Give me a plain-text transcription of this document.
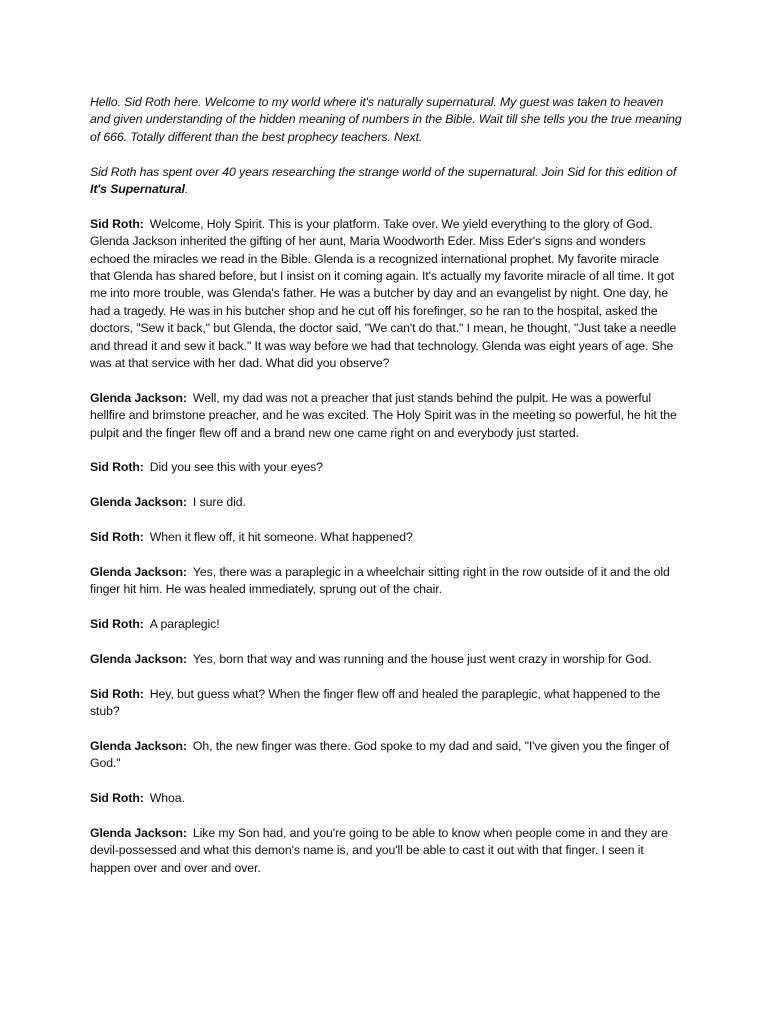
Hello. Sid Roth here. Welcome to my world where it's naturally supernatural. My guest was taken to heaven and given understanding of the hidden meaning of numbers in the Bible. Wait till she tells you the true meaning of 666. Totally different than the best prophecy teachers. Next.

Sid Roth has spent over 40 years researching the strange world of the supernatural. Join Sid for this edition of It's Supernatural.

Sid Roth: Welcome, Holy Spirit. This is your platform. Take over. We yield everything to the glory of God. Glenda Jackson inherited the gifting of her aunt, Maria Woodworth Eder. Miss Eder's signs and wonders echoed the miracles we read in the Bible. Glenda is a recognized international prophet. My favorite miracle that Glenda has shared before, but I insist on it coming again. It's actually my favorite miracle of all time. It got me into more trouble, was Glenda's father. He was a butcher by day and an evangelist by night. One day, he had a tragedy. He was in his butcher shop and he cut off his forefinger, so he ran to the hospital, asked the doctors, "Sew it back," but Glenda, the doctor said, "We can't do that." I mean, he thought, "Just take a needle and thread it and sew it back." It was way before we had that technology. Glenda was eight years of age. She was at that service with her dad. What did you observe?

Glenda Jackson: Well, my dad was not a preacher that just stands behind the pulpit. He was a powerful hellfire and brimstone preacher, and he was excited. The Holy Spirit was in the meeting so powerful, he hit the pulpit and the finger flew off and a brand new one came right on and everybody just started.

Sid Roth: Did you see this with your eyes?

Glenda Jackson: I sure did.

Sid Roth: When it flew off, it hit someone. What happened?

Glenda Jackson: Yes, there was a paraplegic in a wheelchair sitting right in the row outside of it and the old finger hit him. He was healed immediately, sprung out of the chair.

Sid Roth: A paraplegic!

Glenda Jackson: Yes, born that way and was running and the house just went crazy in worship for God.

Sid Roth: Hey, but guess what? When the finger flew off and healed the paraplegic, what happened to the stub?

Glenda Jackson: Oh, the new finger was there. God spoke to my dad and said, "I've given you the finger of God."

Sid Roth: Whoa.

Glenda Jackson: Like my Son had, and you're going to be able to know when people come in and they are devil-possessed and what this demon's name is, and you'll be able to cast it out with that finger. I seen it happen over and over and over.
